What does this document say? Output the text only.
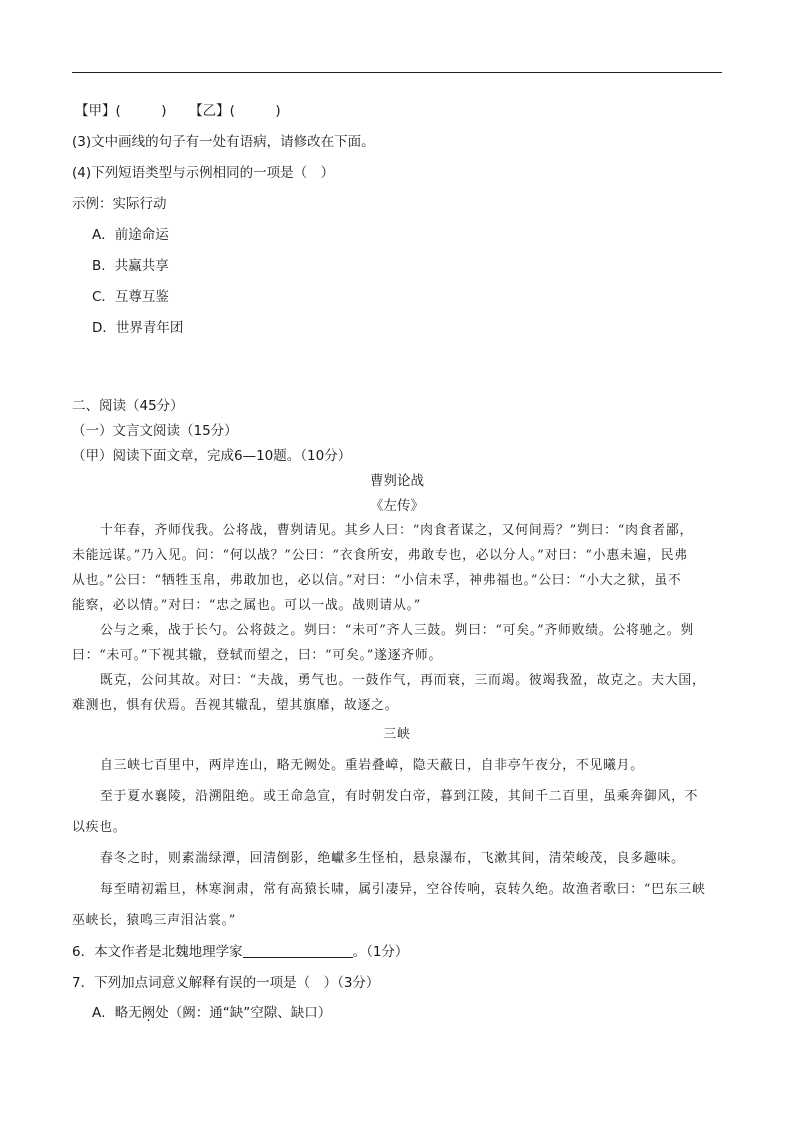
【甲】(　　　) 【乙】(　　　)
(3)文中画线的句子有一处有语病，请修改在下面。
(4)下列短语类型与示例相同的一项是（　）
示例：实际行动
A．前途命运
B．共赢共享
C．互尊互鉴
D．世界青年团
二、阅读（45分）
（一）文言文阅读（15分）
（甲）阅读下面文章，完成6—10题。（10分）
曹刿论战
《左传》
十年春，齐师伐我。公将战，曹刿请见。其乡人曰：“肉食者谋之，又何间焉？”刿曰：“肉食者鄙，
未能远谋。”乃入见。问：“何以战？”公曰：“衣食所安，弗敢专也，必以分人。”对曰：“小惠未遍，民弗
从也。”公曰：“牺牲玉帛，弗敢加也，必以信。”对曰：“小信未孚，神弗福也。”公曰：“小大之狱，虽不
能察，必以情。”对曰：“忠之属也。可以一战。战则请从。”
公与之乘，战于长勺。公将鼓之。刿曰：“未可”齐人三鼓。刿曰：“可矣。”齐师败绩。公将驰之。刿
曰：“未可。”下视其辙，登轼而望之，曰：“可矣。”遂逐齐师。
既克，公问其故。对曰：“夫战，勇气也。一鼓作气，再而衰，三而竭。彼竭我盈，故克之。夫大国，
难测也，惧有伏焉。吾视其辙乱，望其旗靡，故逐之。
三峡
自三峡七百里中，两岸连山，略无阙处。重岩叠嶂，隐天蔽日，自非亭午夜分，不见曦月。
至于夏水襄陵，沿溯阻绝。或王命急宣，有时朝发白帝，暮到江陵，其间千二百里，虽乘奔御风，不
以疾也。
春冬之时，则素湍绿潭，回清倒影，绝巘多生怪柏，悬泉瀑布，飞漱其间，清荣峻茂，良多趣味。
每至晴初霜旦，林寒涧肃，常有高猿长啸，属引凄异，空谷传响，哀转久绝。故渔者歌曰：“巴东三峡
巫峡长，猿鸣三声泪沾裳。”
6．本文作者是北魏地理学家	。（1分）
7．下列加点词意义解释有误的一项是（　）（3分）
A．略无阙处（阙：通“缺”空隙、缺口）
